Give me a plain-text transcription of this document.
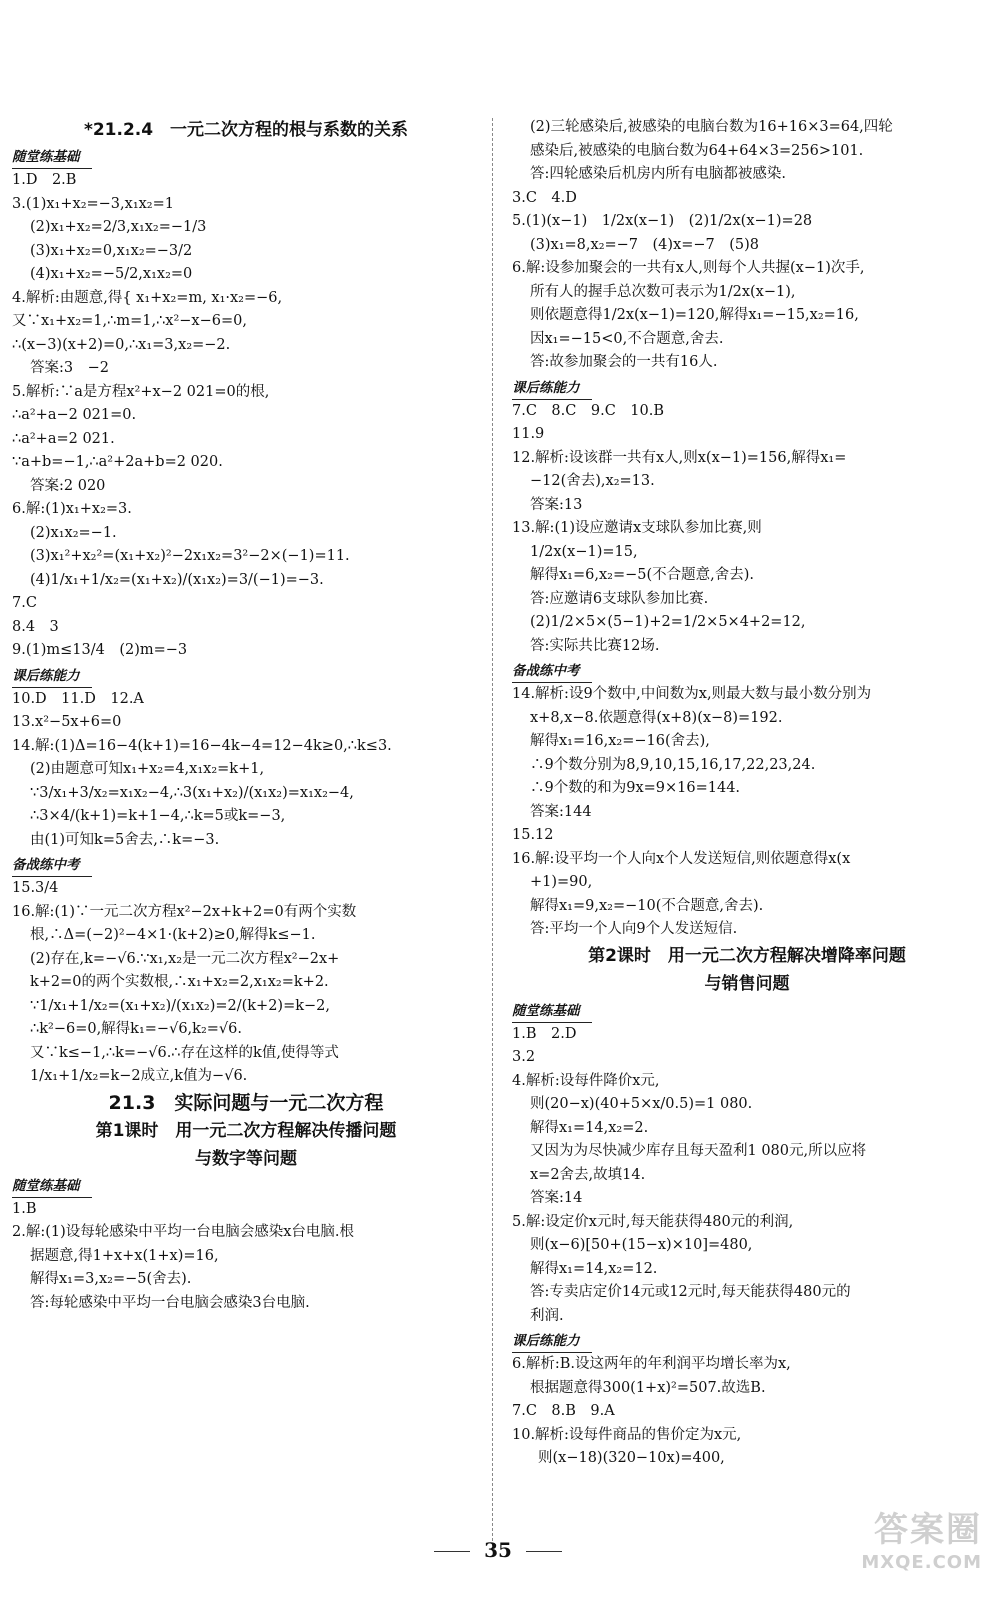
*21.2.4　一元二次方程的根与系数的关系
随堂练基础
1.D　2.B
3.(1)x₁+x₂=−3,x₁x₂=1
(2)x₁+x₂=2/3,x₁x₂=−1/3
(3)x₁+x₂=0,x₁x₂=−3/2
(4)x₁+x₂=−5/2,x₁x₂=0
4.解析:由题意,得{ x₁+x₂=m, x₁·x₂=−6,
又∵x₁+x₂=1,∴m=1,∴x²−x−6=0,
∴(x−3)(x+2)=0,∴x₁=3,x₂=−2.
答案:3　−2
5.解析:∵a是方程x²+x−2 021=0的根,
∴a²+a−2 021=0.
∴a²+a=2 021.
∵a+b=−1,∴a²+2a+b=2 020.
答案:2 020
6.解:(1)x₁+x₂=3.
(2)x₁x₂=−1.
(3)x₁²+x₂²=(x₁+x₂)²−2x₁x₂=3²−2×(−1)=11.
(4)1/x₁+1/x₂=(x₁+x₂)/(x₁x₂)=3/(−1)=−3.
7.C
8.4　3
9.(1)m≤13/4　(2)m=−3
课后练能力
10.D　11.D　12.A
13.x²−5x+6=0
14.解:(1)Δ=16−4(k+1)=16−4k−4=12−4k≥0,∴k≤3.
(2)由题意可知x₁+x₂=4,x₁x₂=k+1,
∵3/x₁+3/x₂=x₁x₂−4,∴3(x₁+x₂)/(x₁x₂)=x₁x₂−4,
∴3×4/(k+1)=k+1−4,∴k=5或k=−3,
由(1)可知k=5舍去,∴k=−3.
备战练中考
15.3/4
16.解:(1)∵一元二次方程x²−2x+k+2=0有两个实数
根,∴Δ=(−2)²−4×1·(k+2)≥0,解得k≤−1.
(2)存在,k=−√6.∵x₁,x₂是一元二次方程x²−2x+
k+2=0的两个实数根,∴x₁+x₂=2,x₁x₂=k+2.
∵1/x₁+1/x₂=(x₁+x₂)/(x₁x₂)=2/(k+2)=k−2,
∴k²−6=0,解得k₁=−√6,k₂=√6.
又∵k≤−1,∴k=−√6.∴存在这样的k值,使得等式
1/x₁+1/x₂=k−2成立,k值为−√6.
21.3　实际问题与一元二次方程
第1课时　用一元二次方程解决传播问题
与数字等问题
随堂练基础
1.B
2.解:(1)设每轮感染中平均一台电脑会感染x台电脑.根
据题意,得1+x+x(1+x)=16,
解得x₁=3,x₂=−5(舍去).
答:每轮感染中平均一台电脑会感染3台电脑.
(2)三轮感染后,被感染的电脑台数为16+16×3=64,四轮
感染后,被感染的电脑台数为64+64×3=256>101.
答:四轮感染后机房内所有电脑都被感染.
3.C　4.D
5.(1)(x−1)　1/2x(x−1)　(2)1/2x(x−1)=28
(3)x₁=8,x₂=−7　(4)x=−7　(5)8
6.解:设参加聚会的一共有x人,则每个人共握(x−1)次手,
所有人的握手总次数可表示为1/2x(x−1),
则依题意得1/2x(x−1)=120,解得x₁=−15,x₂=16,
因x₁=−15<0,不合题意,舍去.
答:故参加聚会的一共有16人.
课后练能力
7.C　8.C　9.C　10.B
11.9
12.解析:设该群一共有x人,则x(x−1)=156,解得x₁=
−12(舍去),x₂=13.
答案:13
13.解:(1)设应邀请x支球队参加比赛,则
1/2x(x−1)=15,
解得x₁=6,x₂=−5(不合题意,舍去).
答:应邀请6支球队参加比赛.
(2)1/2×5×(5−1)+2=1/2×5×4+2=12,
答:实际共比赛12场.
备战练中考
14.解析:设9个数中,中间数为x,则最大数与最小数分别为
x+8,x−8.依题意得(x+8)(x−8)=192.
解得x₁=16,x₂=−16(舍去),
∴9个数分别为8,9,10,15,16,17,22,23,24.
∴9个数的和为9x=9×16=144.
答案:144
15.12
16.解:设平均一个人向x个人发送短信,则依题意得x(x
+1)=90,
解得x₁=9,x₂=−10(不合题意,舍去).
答:平均一个人向9个人发送短信.
第2课时　用一元二次方程解决增降率问题
与销售问题
随堂练基础
1.B　2.D
3.2
4.解析:设每件降价x元,
则(20−x)(40+5×x/0.5)=1 080.
解得x₁=14,x₂=2.
又因为为尽快减少库存且每天盈利1 080元,所以应将
x=2舍去,故填14.
答案:14
5.解:设定价x元时,每天能获得480元的利润,
则(x−6)[50+(15−x)×10]=480,
解得x₁=14,x₂=12.
答:专卖店定价14元或12元时,每天能获得480元的
利润.
课后练能力
6.解析:B.设这两年的年利润平均增长率为x,
根据题意得300(1+x)²=507.故选B.
7.C　8.B　9.A
10.解析:设每件商品的售价定为x元,
则(x−18)(320−10x)=400,
35	答案圈
MXQE.COM
